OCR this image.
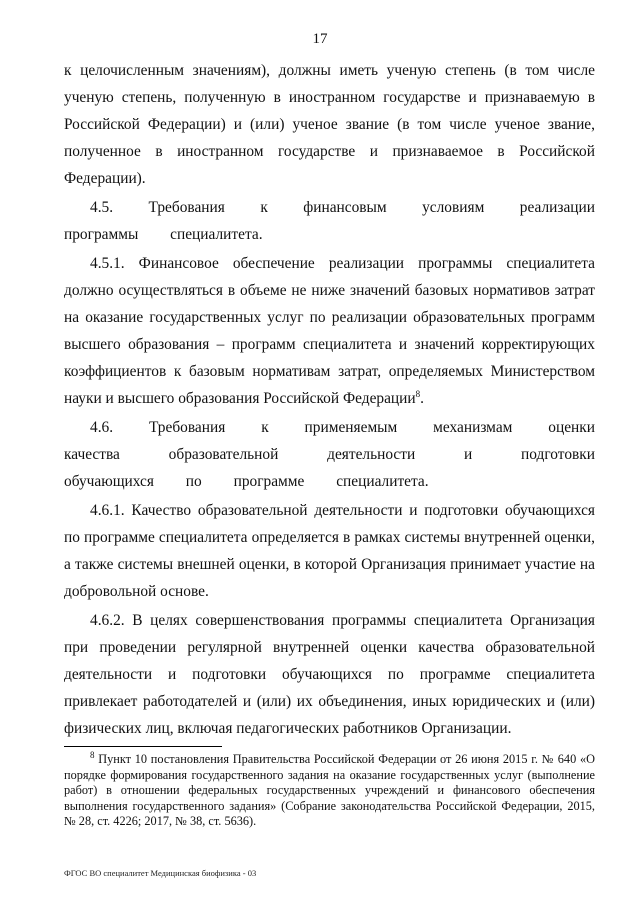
17

к целочисленным значениям), должны иметь ученую степень (в том числе ученую степень, полученную в иностранном государстве и признаваемую в Российской Федерации) и (или) ученое звание (в том числе ученое звание, полученное в иностранном государстве и признаваемое в Российской Федерации).

4.5. Требования к финансовым условиям реализации программы специалитета.

4.5.1. Финансовое обеспечение реализации программы специалитета должно осуществляться в объеме не ниже значений базовых нормативов затрат на оказание государственных услуг по реализации образовательных программ высшего образования – программ специалитета и значений корректирующих коэффициентов к базовым нормативам затрат, определяемых Министерством науки и высшего образования Российской Федерации$^8$.

4.6. Требования к применяемым механизмам оценки качества образовательной деятельности и подготовки обучающихся по программе специалитета.

4.6.1. Качество образовательной деятельности и подготовки обучающихся по программе специалитета определяется в рамках системы внутренней оценки, а также системы внешней оценки, в которой Организация принимает участие на добровольной основе.

4.6.2. В целях совершенствования программы специалитета Организация при проведении регулярной внутренней оценки качества образовательной деятельности и подготовки обучающихся по программе специалитета привлекает работодателей и (или) их объединения, иных юридических и (или) физических лиц, включая педагогических работников Организации.

$^8$ Пункт 10 постановления Правительства Российской Федерации от 26 июня 2015 г. № 640 «О порядке формирования государственного задания на оказание государственных услуг (выполнение работ) в отношении федеральных государственных учреждений и финансового обеспечения выполнения государственного задания» (Собрание законодательства Российской Федерации, 2015, № 28, ст. 4226; 2017, № 38, ст. 5636).
ФГОС ВО специалитет Медицинская биофизика - 03
